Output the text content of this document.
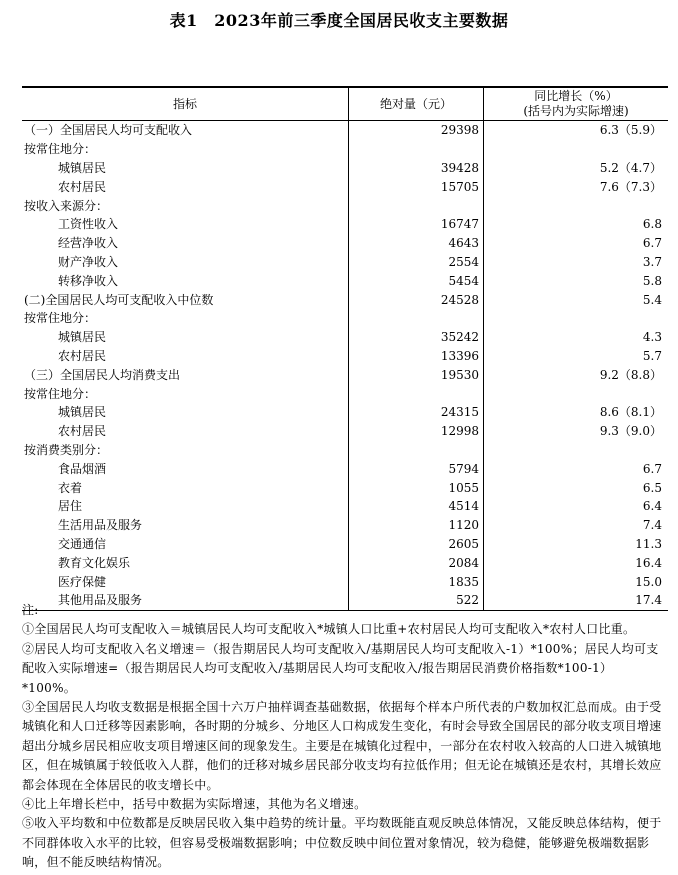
表1　2023年前三季度全国居民收支主要数据
指标	绝对量（元）	同比增长（%）
(括号内为实际增速)

（一）全国居民人均可支配收入	29398	6.3（5.9）
按常住地分：		
城镇居民	39428	5.2（4.7）
农村居民	15705	7.6（7.3）
按收入来源分：		
工资性收入	16747	6.8
经营净收入	4643	6.7
财产净收入	2554	3.7
转移净收入	5454	5.8
(二)全国居民人均可支配收入中位数	24528	5.4
按常住地分：		
城镇居民	35242	4.3
农村居民	13396	5.7
（三）全国居民人均消费支出	19530	9.2（8.8）
按常住地分：		
城镇居民	24315	8.6（8.1）
农村居民	12998	9.3（9.0）
按消费类别分：		
食品烟酒	5794	6.7
衣着	1055	6.5
居住	4514	6.4
生活用品及服务	1120	7.4
交通通信	2605	11.3
教育文化娱乐	2084	16.4
医疗保健	1835	15.0
其他用品及服务	522	17.4

注:

①全国居民人均可支配收入＝城镇居民人均可支配收入*城镇人口比重+农村居民人均可支配收入*农村人口比重。

②居民人均可支配收入名义增速＝（报告期居民人均可支配收入/基期居民人均可支配收入-1）*100%；居民人均可支配收入实际增速=（报告期居民人均可支配收入/基期居民人均可支配收入/报告期居民消费价格指数*100-1）*100%。

③全国居民人均收支数据是根据全国十六万户抽样调查基础数据，依据每个样本户所代表的户数加权汇总而成。由于受城镇化和人口迁移等因素影响，各时期的分城乡、分地区人口构成发生变化，有时会导致全国居民的部分收支项目增速超出分城乡居民相应收支项目增速区间的现象发生。主要是在城镇化过程中，一部分在农村收入较高的人口进入城镇地区，但在城镇属于较低收入人群，他们的迁移对城乡居民部分收支均有拉低作用；但无论在城镇还是农村，其增长效应都会体现在全体居民的收支增长中。

④比上年增长栏中，括号中数据为实际增速，其他为名义增速。

⑤收入平均数和中位数都是反映居民收入集中趋势的统计量。平均数既能直观反映总体情况，又能反映总体结构，便于不同群体收入水平的比较，但容易受极端数据影响；中位数反映中间位置对象情况，较为稳健，能够避免极端数据影响，但不能反映结构情况。
